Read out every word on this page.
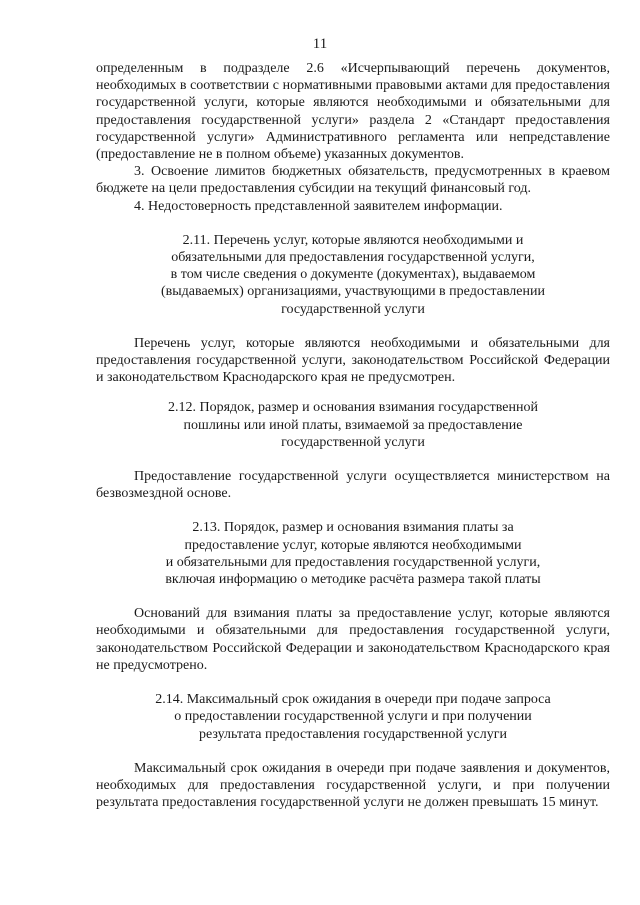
11

определенным в подразделе 2.6 «Исчерпывающий перечень документов, необходимых в соответствии с нормативными правовыми актами для предоставления государственной услуги, которые являются необходимыми и обязательными для предоставления государственной услуги» раздела 2 «Стандарт предоставления государственной услуги» Административного регламента или непредставление (предоставление не в полном объеме) указанных документов.

3. Освоение лимитов бюджетных обязательств, предусмотренных в краевом бюджете на цели предоставления субсидии на текущий финансовый год.

4. Недостоверность представленной заявителем информации.

2.11. Перечень услуг, которые являются необходимыми и
обязательными для предоставления государственной услуги,
в том числе сведения о документе (документах), выдаваемом
(выдаваемых) организациями, участвующими в предоставлении
государственной услуги

Перечень услуг, которые являются необходимыми и обязательными для предоставления государственной услуги, законодательством Российской Федерации и законодательством Краснодарского края не предусмотрен.

2.12. Порядок, размер и основания взимания государственной
пошлины или иной платы, взимаемой за предоставление
государственной услуги

Предоставление государственной услуги осуществляется министерством на безвозмездной основе.

2.13. Порядок, размер и основания взимания платы за
предоставление услуг, которые являются необходимыми
и обязательными для предоставления государственной услуги,
включая информацию о методике расчёта размера такой платы

Оснований для взимания платы за предоставление услуг, которые являются необходимыми и обязательными для предоставления государственной услуги, законодательством Российской Федерации и законодательством Краснодарского края не предусмотрено.

2.14. Максимальный срок ожидания в очереди при подаче запроса
о предоставлении государственной услуги и при получении
результата предоставления государственной услуги

Максимальный срок ожидания в очереди при подаче заявления и документов, необходимых для предоставления государственной услуги, и при получении результата предоставления государственной услуги не должен превышать 15 минут.
